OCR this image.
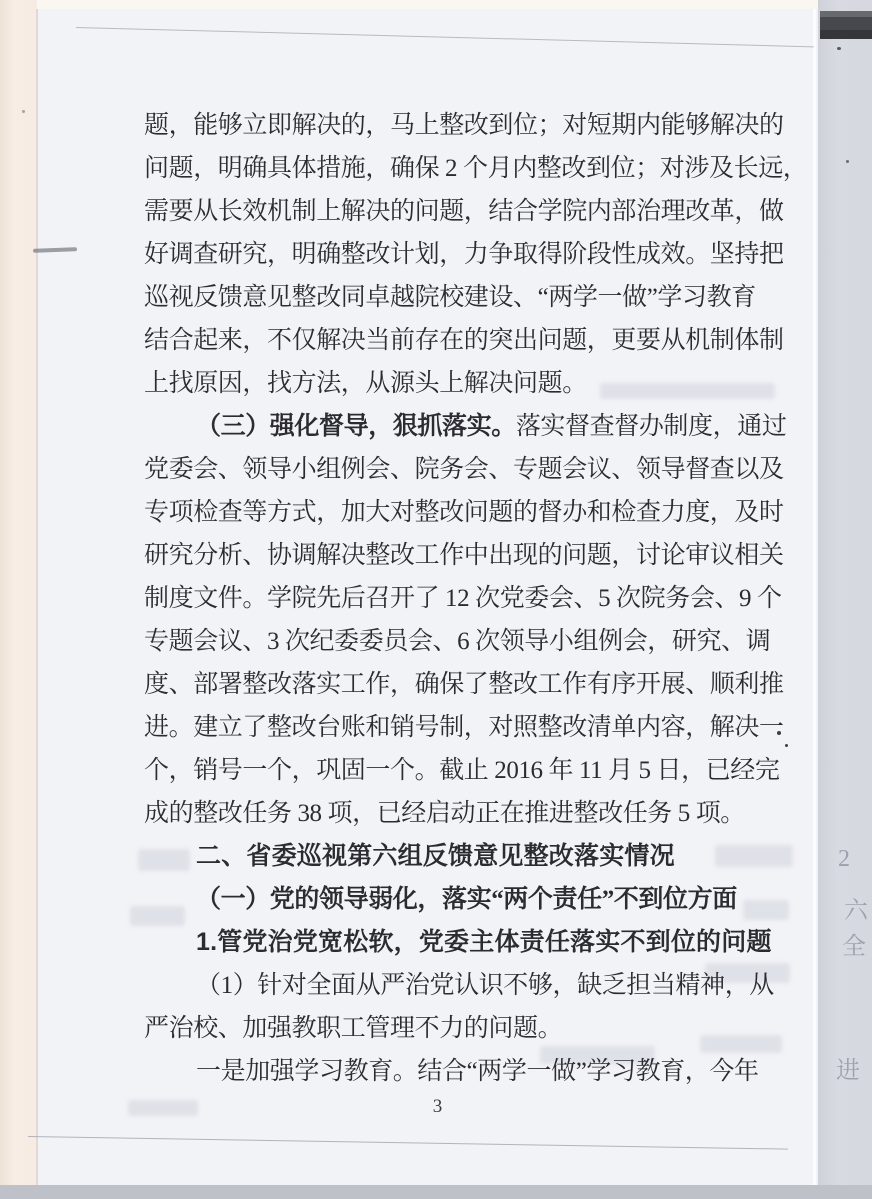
2
六
全
进
题，能够立即解决的，马上整改到位；对短期内能够解决的
问题，明确具体措施，确保 2 个月内整改到位；对涉及长远，
需要从长效机制上解决的问题，结合学院内部治理改革，做
好调查研究，明确整改计划，力争取得阶段性成效。坚持把
巡视反馈意见整改同卓越院校建设、“两学一做”学习教育
结合起来，不仅解决当前存在的突出问题，更要从机制体制
上找原因，找方法，从源头上解决问题。
（三）强化督导，狠抓落实。落实督查督办制度，通过
党委会、领导小组例会、院务会、专题会议、领导督查以及
专项检查等方式，加大对整改问题的督办和检查力度，及时
研究分析、协调解决整改工作中出现的问题，讨论审议相关
制度文件。学院先后召开了 12 次党委会、5 次院务会、9 个
专题会议、3 次纪委委员会、6 次领导小组例会，研究、调
度、部署整改落实工作，确保了整改工作有序开展、顺利推
进。建立了整改台账和销号制，对照整改清单内容，解决一
个，销号一个，巩固一个。截止 2016 年 11 月 5 日，已经完
成的整改任务 38 项，已经启动正在推进整改任务 5 项。
二、省委巡视第六组反馈意见整改落实情况
（一）党的领导弱化，落实“两个责任”不到位方面
1.管党治党宽松软，党委主体责任落实不到位的问题
（1）针对全面从严治党认识不够，缺乏担当精神，从
严治校、加强教职工管理不力的问题。
一是加强学习教育。结合“两学一做”学习教育，今年
3
